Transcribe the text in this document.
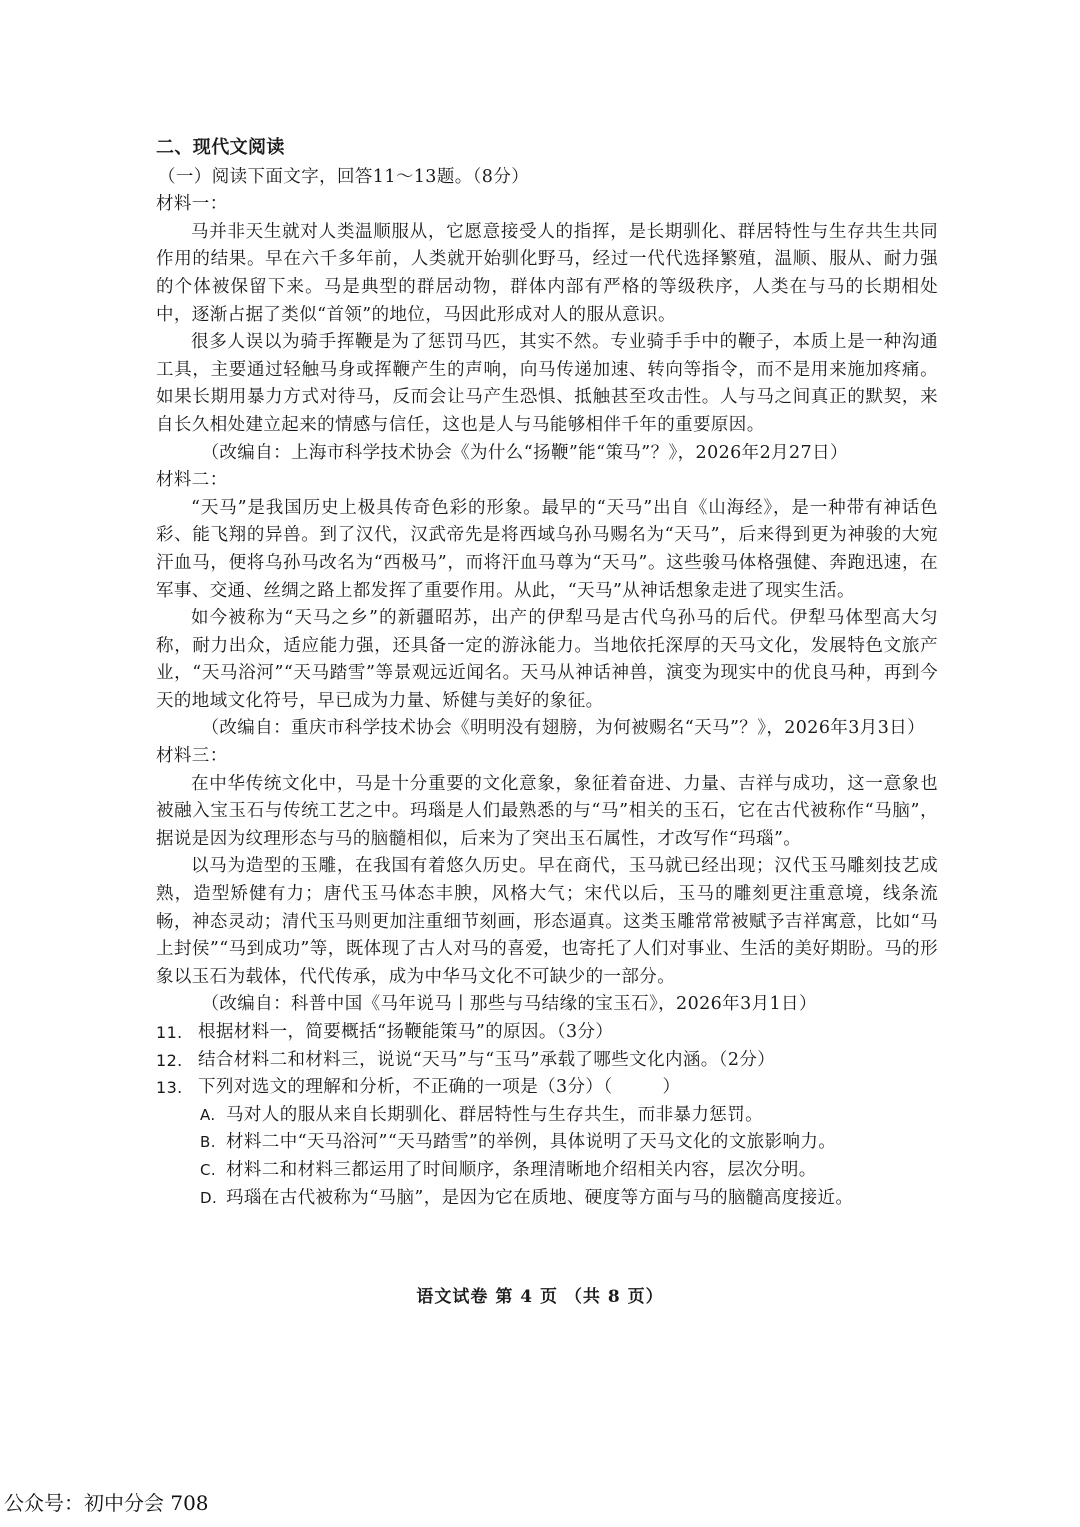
二、现代文阅读
（一）阅读下面文字，回答11～13题。（8分）
材料一：

马并非天生就对人类温顺服从，它愿意接受人的指挥，是长期驯化、群居特性与生存共生共同作用的结果。早在六千多年前，人类就开始驯化野马，经过一代代选择繁殖，温顺、服从、耐力强的个体被保留下来。马是典型的群居动物，群体内部有严格的等级秩序，人类在与马的长期相处中，逐渐占据了类似“首领”的地位，马因此形成对人的服从意识。

很多人误以为骑手挥鞭是为了惩罚马匹，其实不然。专业骑手手中的鞭子，本质上是一种沟通工具，主要通过轻触马身或挥鞭产生的声响，向马传递加速、转向等指令，而不是用来施加疼痛。如果长期用暴力方式对待马，反而会让马产生恐惧、抵触甚至攻击性。人与马之间真正的默契，来自长久相处建立起来的情感与信任，这也是人与马能够相伴千年的重要原因。

（改编自：上海市科学技术协会《为什么“扬鞭”能“策马”？》，2026年2月27日）
材料二：

“天马”是我国历史上极具传奇色彩的形象。最早的“天马”出自《山海经》，是一种带有神话色彩、能飞翔的异兽。到了汉代，汉武帝先是将西域乌孙马赐名为“天马”，后来得到更为神骏的大宛汗血马，便将乌孙马改名为“西极马”，而将汗血马尊为“天马”。这些骏马体格强健、奔跑迅速，在军事、交通、丝绸之路上都发挥了重要作用。从此，“天马”从神话想象走进了现实生活。

如今被称为“天马之乡”的新疆昭苏，出产的伊犁马是古代乌孙马的后代。伊犁马体型高大匀称，耐力出众，适应能力强，还具备一定的游泳能力。当地依托深厚的天马文化，发展特色文旅产业，“天马浴河”“天马踏雪”等景观远近闻名。天马从神话神兽，演变为现实中的优良马种，再到今天的地域文化符号，早已成为力量、矫健与美好的象征。

（改编自：重庆市科学技术协会《明明没有翅膀，为何被赐名“天马”？》，2026年3月3日）
材料三：

在中华传统文化中，马是十分重要的文化意象，象征着奋进、力量、吉祥与成功，这一意象也被融入宝玉石与传统工艺之中。玛瑙是人们最熟悉的与“马”相关的玉石，它在古代被称作“马脑”，据说是因为纹理形态与马的脑髓相似，后来为了突出玉石属性，才改写作“玛瑙”。

以马为造型的玉雕，在我国有着悠久历史。早在商代，玉马就已经出现；汉代玉马雕刻技艺成熟，造型矫健有力；唐代玉马体态丰腴，风格大气；宋代以后，玉马的雕刻更注重意境，线条流畅，神态灵动；清代玉马则更加注重细节刻画，形态逼真。这类玉雕常常被赋予吉祥寓意，比如“马上封侯”“马到成功”等，既体现了古人对马的喜爱，也寄托了人们对事业、生活的美好期盼。马的形象以玉石为载体，代代传承，成为中华马文化不可缺少的一部分。

（改编自：科普中国《马年说马丨那些与马结缘的宝玉石》，2026年3月1日）
11. 根据材料一，简要概括“扬鞭能策马”的原因。（3分）
12. 结合材料二和材料三，说说“天马”与“玉马”承载了哪些文化内涵。（2分）
13. 下列对选文的理解和分析，不正确的一项是（3分）（	）
A. 马对人的服从来自长期驯化、群居特性与生存共生，而非暴力惩罚。
B. 材料二中“天马浴河”“天马踏雪”的举例，具体说明了天马文化的文旅影响力。
C. 材料二和材料三都运用了时间顺序，条理清晰地介绍相关内容，层次分明。
D. 玛瑙在古代被称为“马脑”，是因为它在质地、硬度等方面与马的脑髓高度接近。
语文试卷 第 4 页 （共 8 页）
公众号：初中分会 708
